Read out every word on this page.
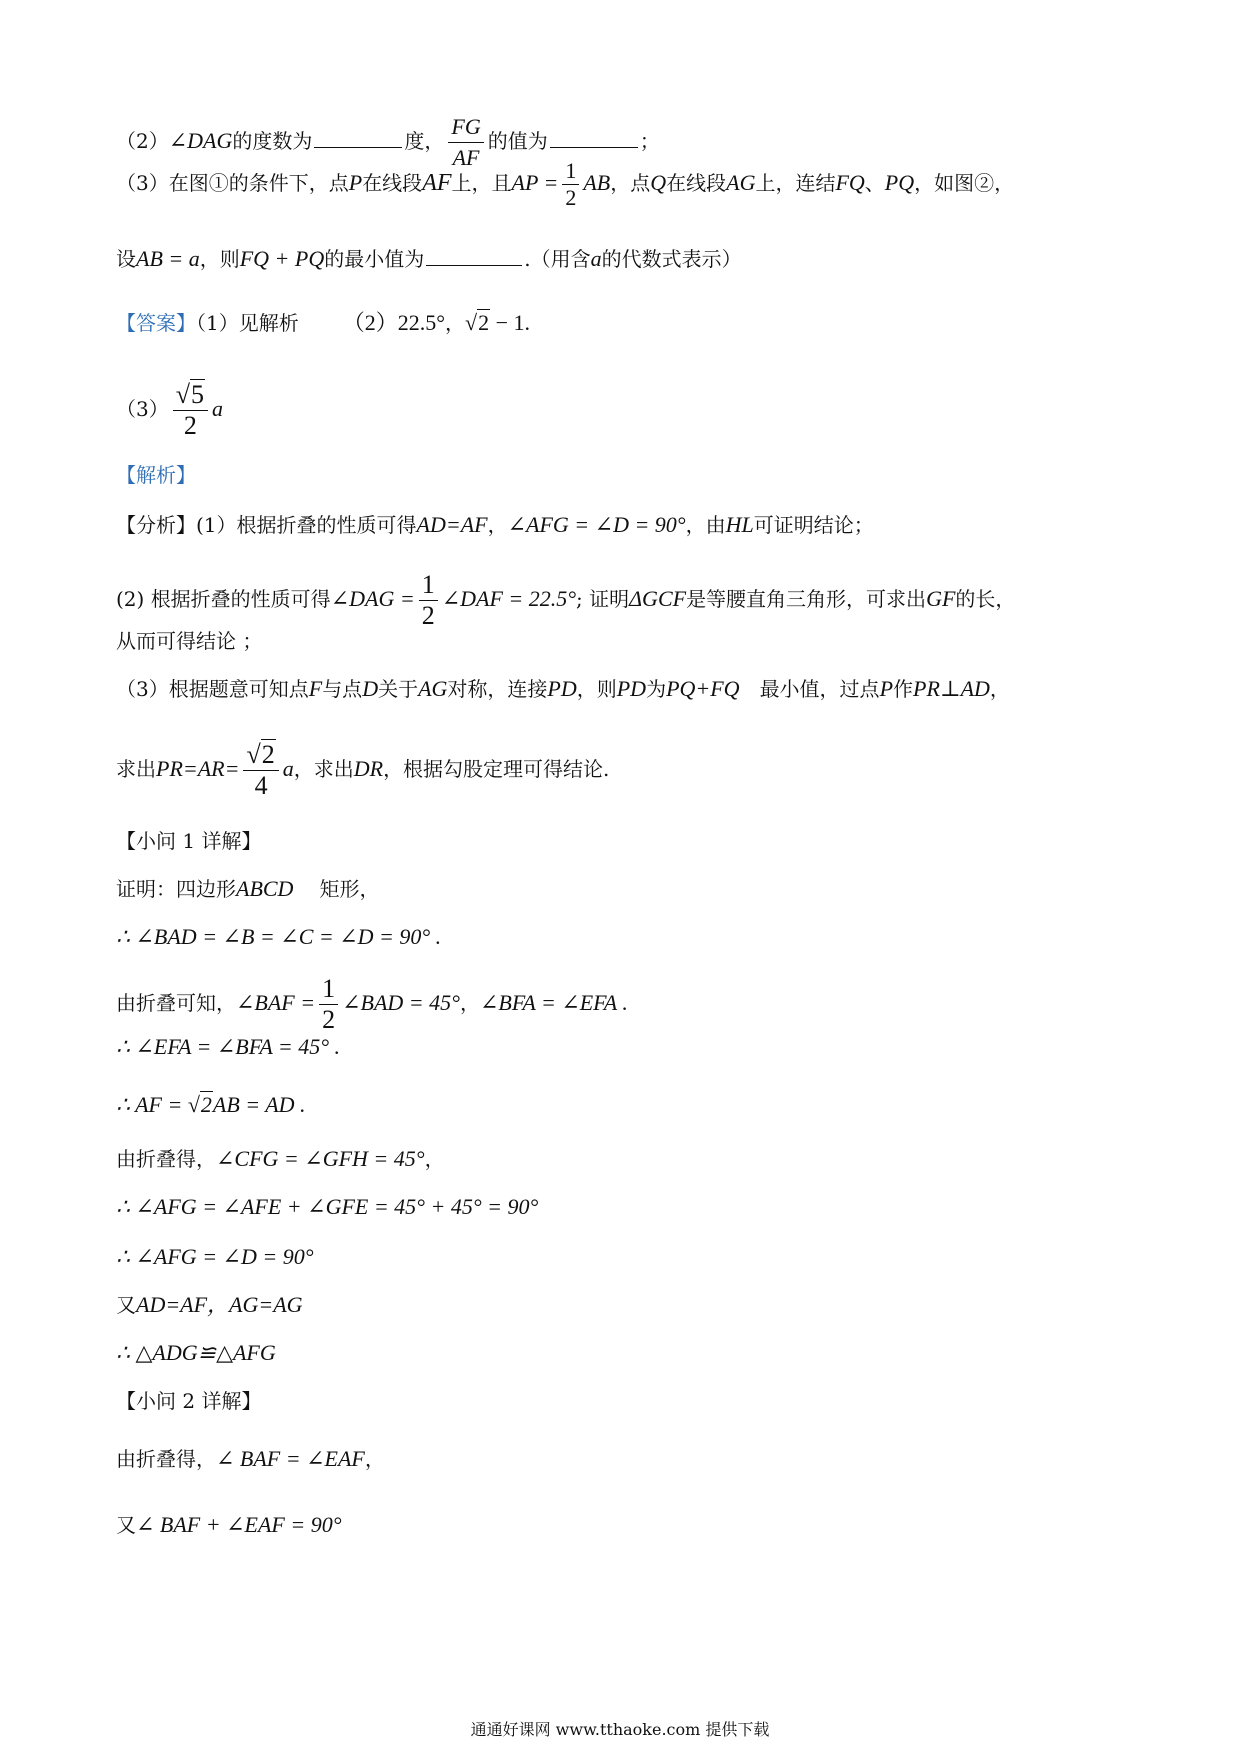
（2）∠DAG的度数为	度， $\frac{FG}{AF}$ 的值为	；
（3）在图①的条件下，点P在线段AF上，且AP = $\frac{1}{2}$ AB，点Q在线段AG上，连结FQ、PQ，如图②，
设AB = a，则FQ + PQ的最小值为	.（用含a的代数式表示）
【答案】（1）见解析 （2）22.5°，√2 − 1.
$(3) \frac{√5}{2}$ a
【解析】
【分析】(1）根据折叠的性质可得AD=AF，∠AFG = ∠D = 90°，由HL可证明结论；
(2) 根据折叠的性质可得∠DAG = $\frac{1}{2}$ ∠DAF = 22.5°; 证明ΔGCF是等腰直角三角形，可求出GF的长，
从而可得结论 ；
（3）根据题意可知点F与点D关于AG对称，连接PD，则PD为PQ+FQ 最小值，过点P作PR⊥AD，
求出$PR=AR= \frac{√2}{4}$ a，求出DR，根据勾股定理可得结论.
【小问 1 详解】
证明：四边形ABCD 矩形，
∴ ∠BAD = ∠B = ∠C = ∠D = 90° .
由折叠可知，∠BAF = $\frac{1}{2}$ ∠BAD = 45°，∠BFA = ∠EFA .
∴ ∠EFA = ∠BFA = 45° .
∴ AF = √2AB = AD .
由折叠得，∠CFG = ∠GFH = 45°，
∴ ∠AFG = ∠AFE + ∠GFE = 45° + 45° = 90°
∴ ∠AFG = ∠D = 90°
又AD=AF，AG=AG
∴ △ADG≌△AFG
【小问 2 详解】
由折叠得，∠ BAF = ∠EAF，
又∠ BAF + ∠EAF = 90°
通通好课网 www.tthaoke.com 提供下载
